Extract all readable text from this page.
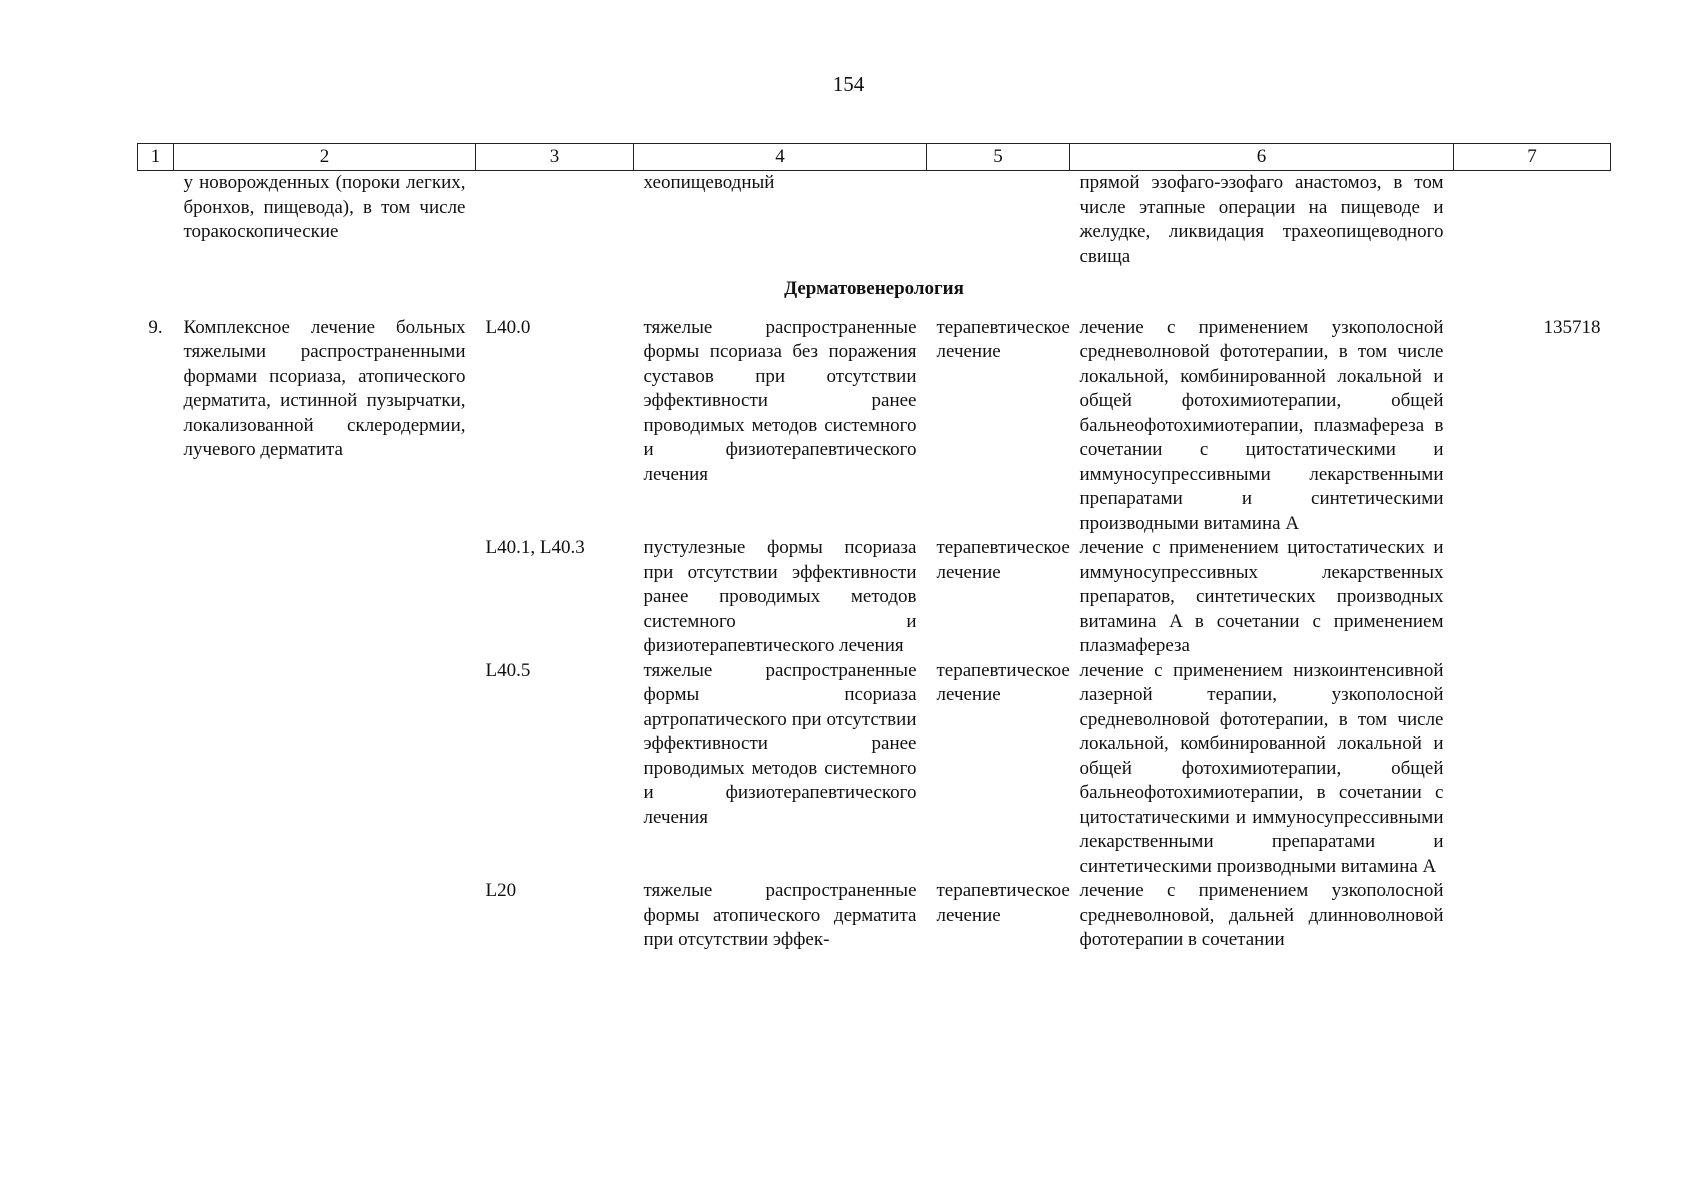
154
1	2	3	4	5	6	7
	у новорожденных (пороки легких, бронхов, пищевода), в том числе торакоскопические		хеопищеводный		прямой эзофаго-эзофаго анастомоз, в том числе этапные операции на пищеводе и желудке, ликвидация трахеопищеводного свища	
Дерматовенерология						
9.	Комплексное лечение больных тяжелыми распространенными формами псориаза, атопического дерматита, истинной пузырчатки, локализованной склеродермии, лучевого дерматита	L40.0	тяжелые распространенные формы псориаза без поражения суставов при отсутствии эффективности ранее проводимых методов системного и физиотерапевтического лечения	терапевтическое лечение	лечение с применением узкополосной средневолновой фототерапии, в том числе локальной, комбинированной локальной и общей фотохимиотерапии, общей бальнеофотохимиотерапии, плазмафереза в сочетании с цитостатическими и иммуносупрессивными лекарственными препаратами и синтетическими производными витамина A	135718
		L40.1, L40.3	пустулезные формы псориаза при отсутствии эффективности ранее проводимых методов системного и физиотерапевтического лечения	терапевтическое лечение	лечение с применением цитостатических и иммуносупрессивных лекарственных препаратов, синтетических производных витамина A в сочетании с применением плазмафереза	
		L40.5	тяжелые распространенные формы псориаза артропатического при отсутствии эффективности ранее проводимых методов системного и физиотерапевтического лечения	терапевтическое лечение	лечение с применением низкоинтенсивной лазерной терапии, узкополосной средневолновой фототерапии, в том числе локальной, комбинированной локальной и общей фотохимиотерапии, общей бальнеофотохимиотерапии, в сочетании с цитостатическими и иммуносупрессивными лекарственными препаратами и синтетическими производными витамина A	
		L20	тяжелые распространенные формы атопического дерматита при отсутствии эффек-	терапевтическое лечение	лечение с применением узкополосной средневолновой, дальней длинноволновой фототерапии в сочетании	
